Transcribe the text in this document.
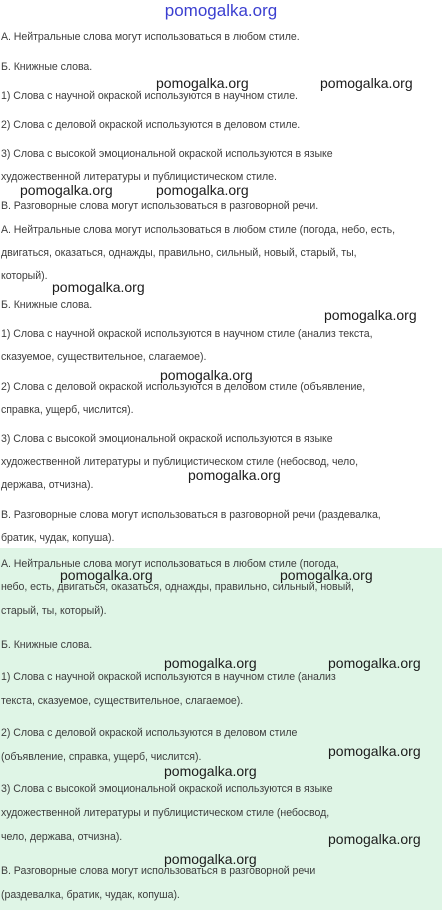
pomogalka.org
А. Нейтральные слова могут использоваться в любом стиле.
Б. Книжные слова.
1) Слова с научной окраской используются в научном стиле.
2) Слова с деловой окраской используются в деловом стиле.
3) Слова с высокой эмоциональной окраской используются в языке
художественной литературы и публицистическом стиле.
В. Разговорные слова могут использоваться в разговорной речи.
А. Нейтральные слова могут использоваться в любом стиле (погода, небо, есть,
двигаться, оказаться, однажды, правильно, сильный, новый, старый, ты,
который).
Б. Книжные слова.
1) Слова с научной окраской используются в научном стиле (анализ текста,
сказуемое, существительное, слагаемое).
2) Слова с деловой окраской используются в деловом стиле (объявление,
справка, ущерб, числится).
3) Слова с высокой эмоциональной окраской используются в языке
художественной литературы и публицистическом стиле (небосвод, чело,
держава, отчизна).
В. Разговорные слова могут использоваться в разговорной речи (раздевалка,
братик, чудак, копуша).
А. Нейтральные слова могут использоваться в любом стиле (погода,
небо, есть, двигаться, оказаться, однажды, правильно, сильный, новый,
старый, ты, который).
Б. Книжные слова.
1) Слова с научной окраской используются в научном стиле (анализ
текста, сказуемое, существительное, слагаемое).
2) Слова с деловой окраской используются в деловом стиле
(объявление, справка, ущерб, числится).
3) Слова с высокой эмоциональной окраской используются в языке
художественной литературы и публицистическом стиле (небосвод,
чело, держава, отчизна).
В. Разговорные слова могут использоваться в разговорной речи
(раздевалка, братик, чудак, копуша).
pomogalka.org	pomogalka.org
pomogalka.org	pomogalka.org
pomogalka.org
pomogalka.org
pomogalka.org
pomogalka.org
pomogalka.org	pomogalka.org
pomogalka.org	pomogalka.org
pomogalka.org
pomogalka.org
pomogalka.org
pomogalka.org
